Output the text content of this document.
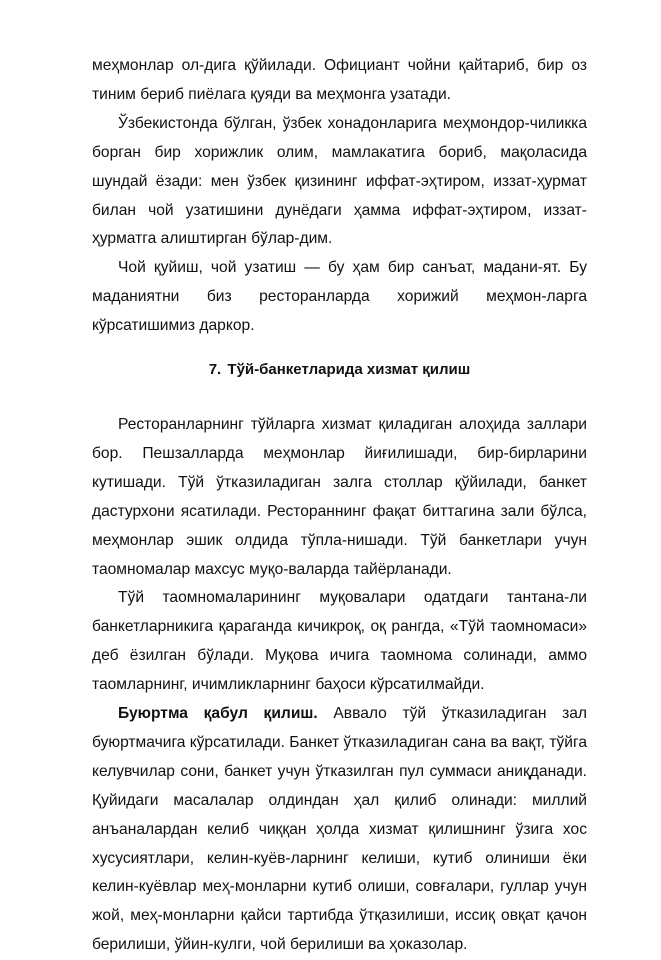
меҳмонлар ол-дига қўйилади. Официант чойни қайтариб, бир оз тиним бериб пиёлага қуяди ва меҳмонга узатади.

Ўзбекистонда бўлган, ўзбек хонадонларига меҳмондор-чиликка борган бир хорижлик олим, мамлакатига бориб, мақоласида шундай ёзади: мен ўзбек қизининг иффат-эҳтиром, иззат-ҳурмат билан чой узатишини дунёдаги ҳамма иффат-эҳтиром, иззат-ҳурматга алиштирган бўлар-дим.

Чой қуйиш, чой узатиш — бу ҳам бир санъат, мадани-ят. Бу маданиятни биз ресторанларда хорижий меҳмон-ларга кўрсатишимиз даркор.

7. Тўй-банкетларида хизмат қилиш

Ресторанларнинг тўйларга хизмат қиладиган алоҳида заллари бор. Пешзалларда меҳмонлар йиғилишади, бир-бирларини кутишади. Тўй ўтказиладиган залга столлар қўйилади, банкет дастурхони ясатилади. Рестораннинг фақат биттагина зали бўлса, меҳмонлар эшик олдида тўпла-нишади. Тўй банкетлари учун таомномалар махсус муқо-валарда тайёрланади.

Тўй таомномаларининг муқовалари одатдаги тантана-ли банкетларникига қараганда кичикроқ, оқ рангда, «Тўй таомномаси» деб ёзилган бўлади. Муқова ичига таомнома солинади, аммо таомларнинг, ичимликларнинг баҳоси кўрсатилмайди.

Буюртма қабул қилиш. Аввало тўй ўтказиладиган зал буюртмачига кўрсатилади. Банкет ўтказиладиган сана ва вақт, тўйга келувчилар сони, банкет учун ўтказилган пул суммаси аниқданади. Қуйидаги масалалар олдиндан ҳал қилиб олинади: миллий анъаналардан келиб чиққан ҳолда хизмат қилишнинг ўзига хос хусусиятлари, келин-куёв-ларнинг келиши, кутиб олиниши ёки келин-куёвлар меҳ-монларни кутиб олиши, совғалари, гуллар учун жой, меҳ-монларни қайси тартибда ўтқазилиши, иссиқ овқат қачон берилиши, ўйин-кулги, чой берилиши ва ҳоказолар.
